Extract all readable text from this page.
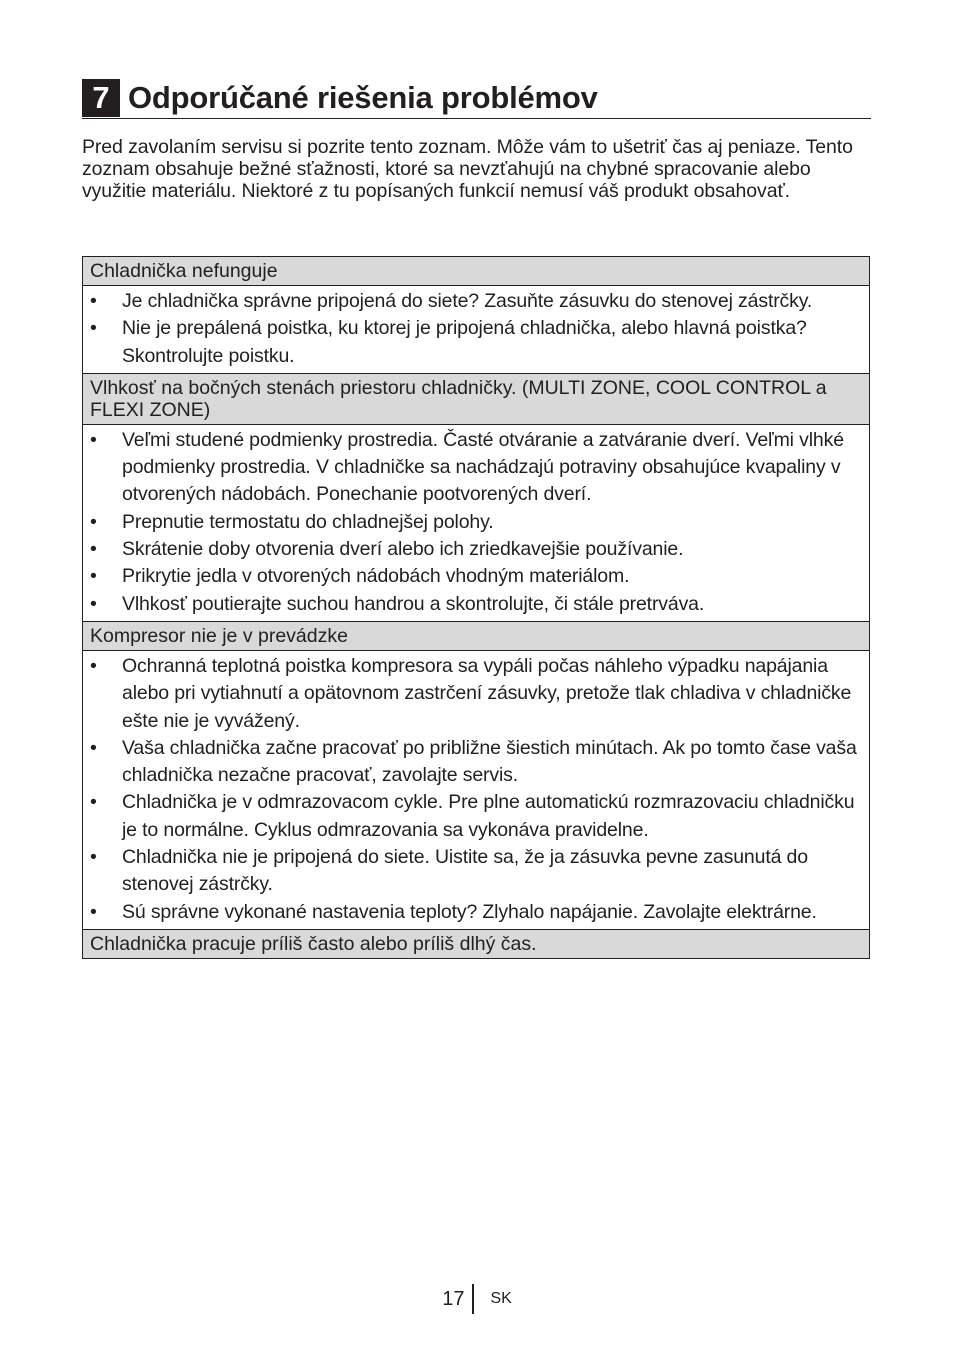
7 Odporúčané riešenia problémov

Pred zavolaním servisu si pozrite tento zoznam. Môže vám to ušetriť čas aj peniaze. Tento zoznam obsahuje bežné sťažnosti, ktoré sa nevzťahujú na chybné spracovanie alebo využitie materiálu. Niektoré z tu popísaných funkcií nemusí váš produkt obsahovať.

Chladnička nefunguje
•	Je chladnička správne pripojená do siete? Zasuňte zásuvku do stenovej zástrčky.
•	Nie je prepálená poistka, ku ktorej je pripojená chladnička, alebo hlavná poistka? Skontrolujte poistku.
Vlhkosť na bočných stenách priestoru chladničky. (MULTI ZONE, COOL CONTROL a FLEXI ZONE)
•	Veľmi studené podmienky prostredia. Časté otváranie a zatváranie dverí. Veľmi vlhké podmienky prostredia. V chladničke sa nachádzajú potraviny obsahujúce kvapaliny v otvorených nádobách. Ponechanie pootvorených dverí.
•	Prepnutie termostatu do chladnejšej polohy.
•	Skrátenie doby otvorenia dverí alebo ich zriedkavejšie používanie.
•	Prikrytie jedla v otvorených nádobách vhodným materiálom.
•	Vlhkosť poutierajte suchou handrou a skontrolujte, či stále pretrváva.
Kompresor nie je v prevádzke
•	Ochranná teplotná poistka kompresora sa vypáli počas náhleho výpadku napájania alebo pri vytiahnutí a opätovnom zastrčení zásuvky, pretože tlak chladiva v chladničke ešte nie je vyvážený.
•	Vaša chladnička začne pracovať po približne šiestich minútach. Ak po tomto čase vaša chladnička nezačne pracovať, zavolajte servis.
•	Chladnička je v odmrazovacom cykle. Pre plne automatickú rozmrazovaciu chladničku je to normálne. Cyklus odmrazovania sa vykonáva pravidelne.
•	Chladnička nie je pripojená do siete. Uistite sa, že ja zásuvka pevne zasunutá do stenovej zástrčky.
•	Sú správne vykonané nastavenia teploty? Zlyhalo napájanie. Zavolajte elektrárne.
Chladnička pracuje príliš často alebo príliš dlhý čas.
17	SK
